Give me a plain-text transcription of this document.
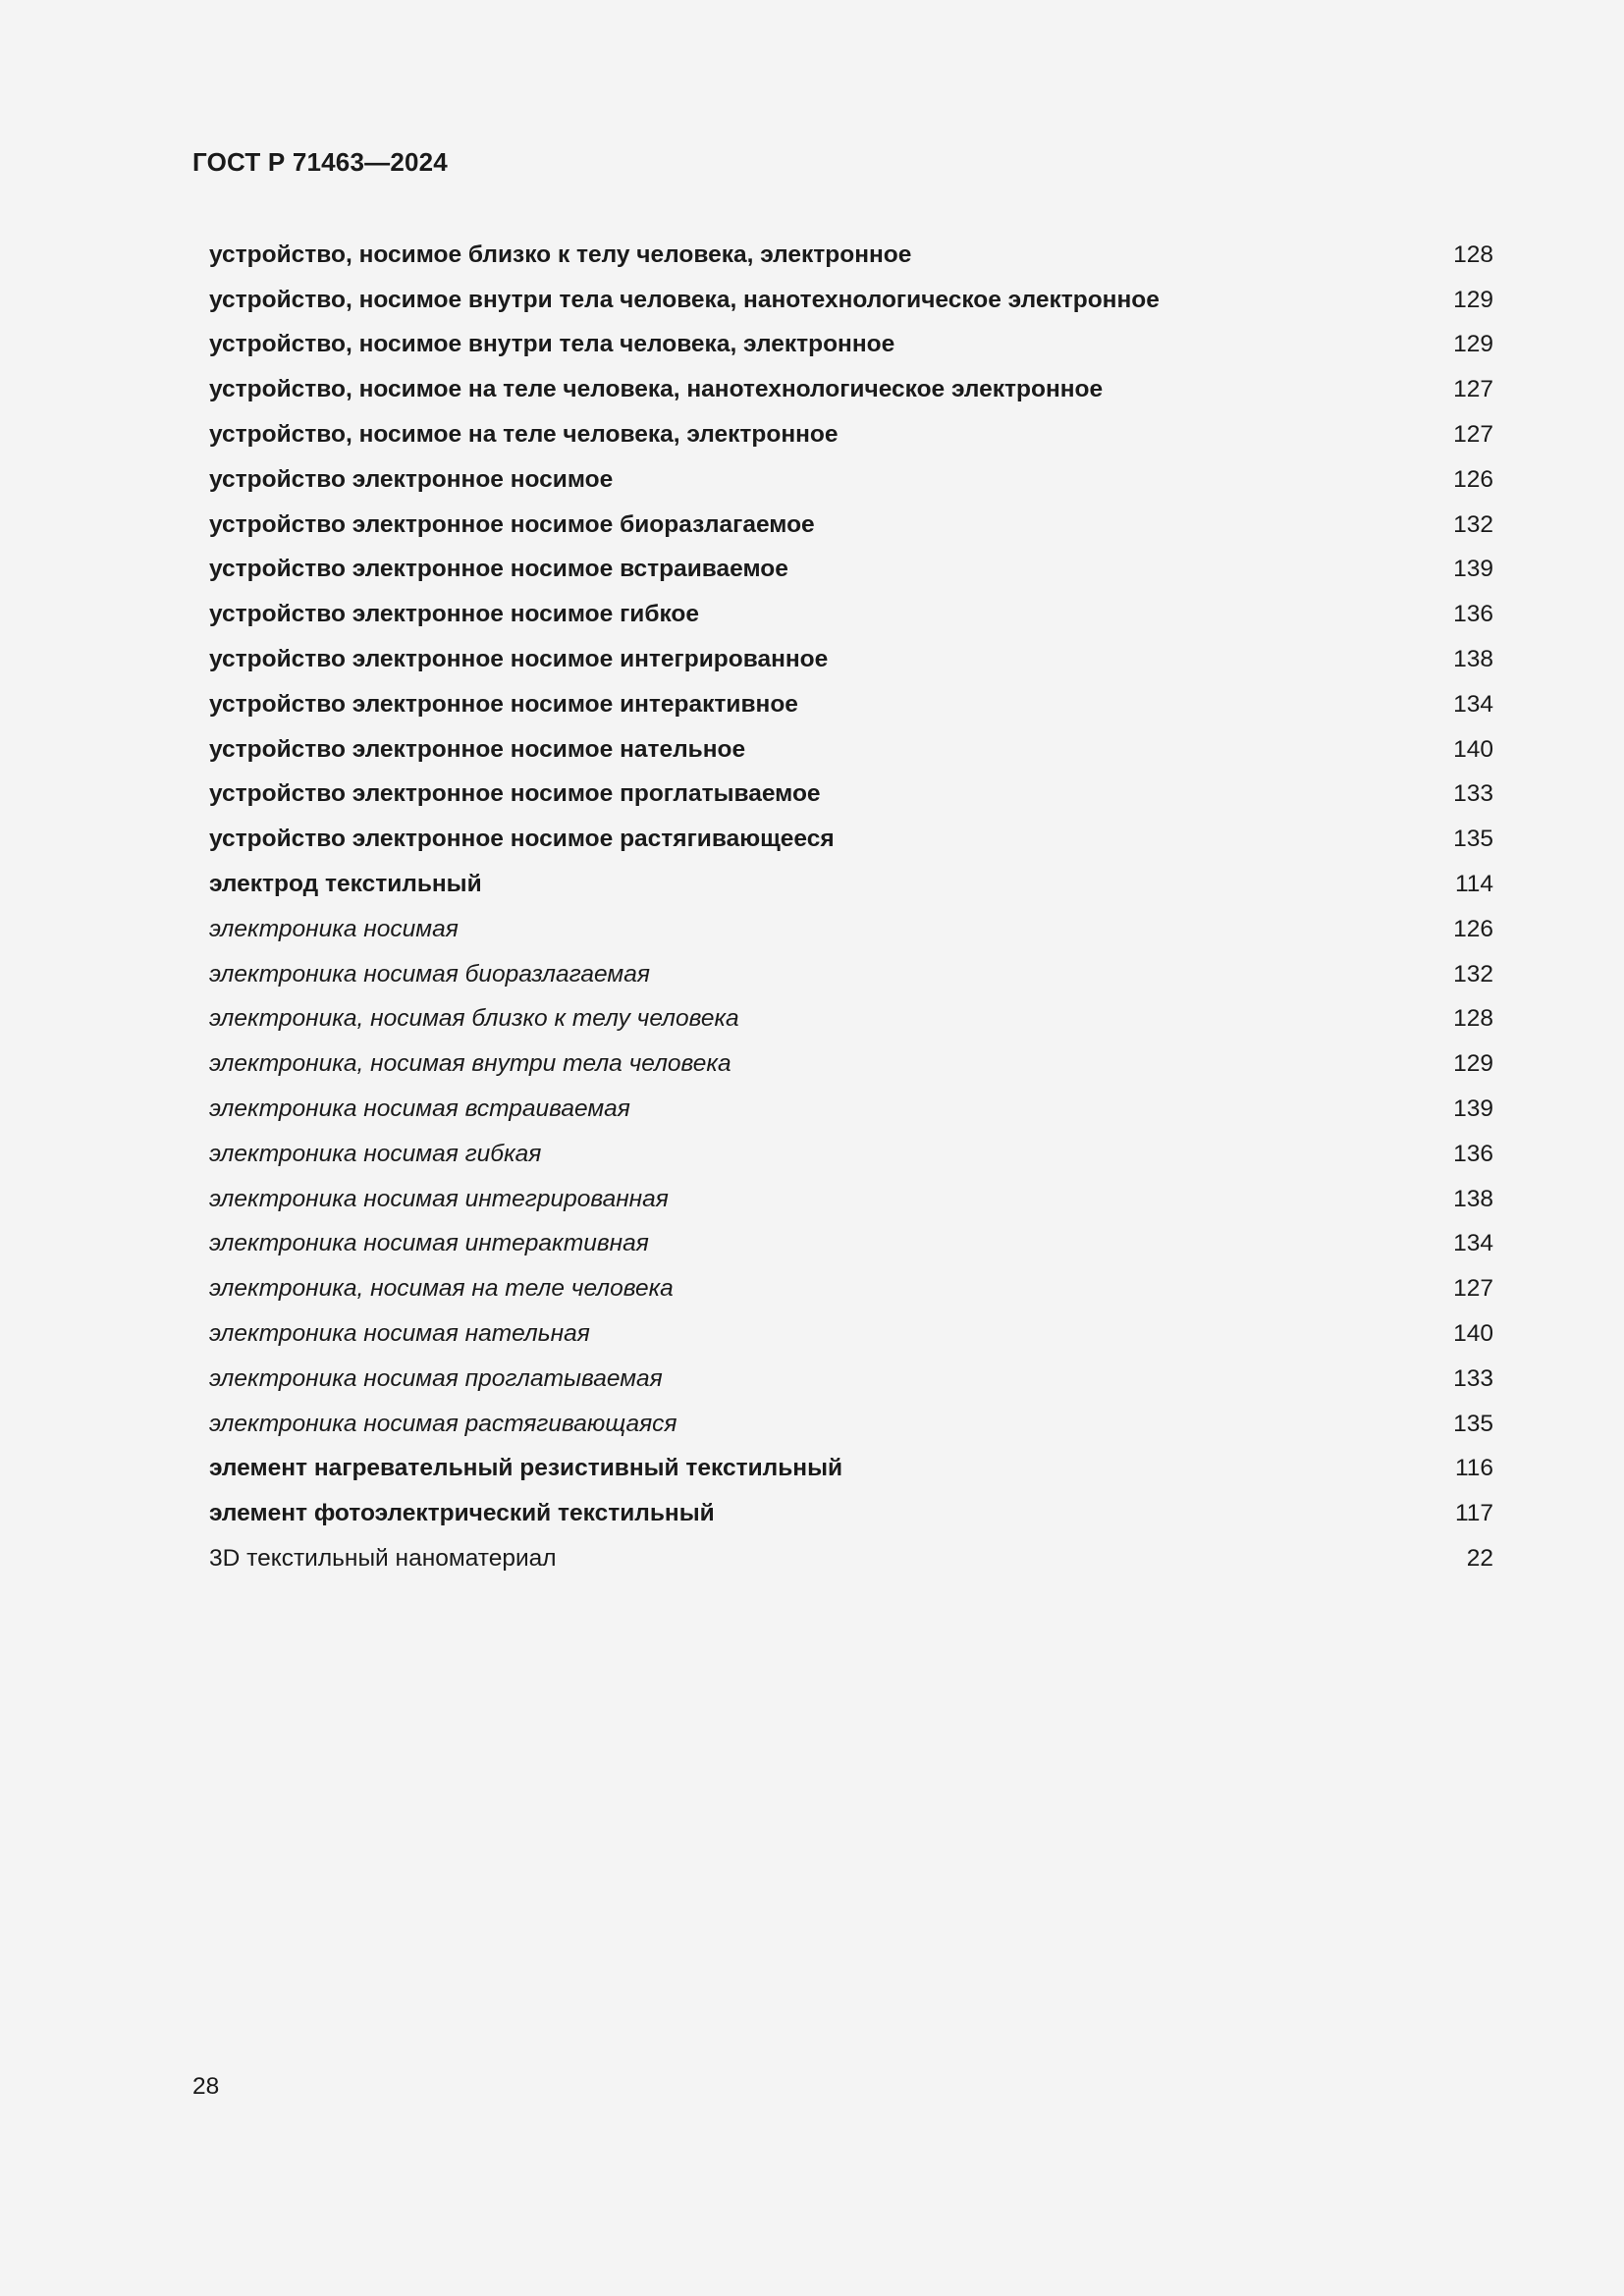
ГОСТ Р 71463—2024
устройство, носимое близко к телу человека, электронное	128
устройство, носимое внутри тела человека, нанотехнологическое электронное	129
устройство, носимое внутри тела человека, электронное	129
устройство, носимое на теле человека, нанотехнологическое электронное	127
устройство, носимое на теле человека, электронное	127
устройство электронное носимое	126
устройство электронное носимое биоразлагаемое	132
устройство электронное носимое встраиваемое	139
устройство электронное носимое гибкое	136
устройство электронное носимое интегрированное	138
устройство электронное носимое интерактивное	134
устройство электронное носимое нательное	140
устройство электронное носимое проглатываемое	133
устройство электронное носимое растягивающееся	135
электрод текстильный	114
электроника носимая	126
электроника носимая биоразлагаемая	132
электроника, носимая близко к телу человека	128
электроника, носимая внутри тела человека	129
электроника носимая встраиваемая	139
электроника носимая гибкая	136
электроника носимая интегрированная	138
электроника носимая интерактивная	134
электроника, носимая на теле человека	127
электроника носимая нательная	140
электроника носимая проглатываемая	133
электроника носимая растягивающаяся	135
элемент нагревательный резистивный текстильный	116
элемент фотоэлектрический текстильный	117
3D текстильный наноматериал	22
28
